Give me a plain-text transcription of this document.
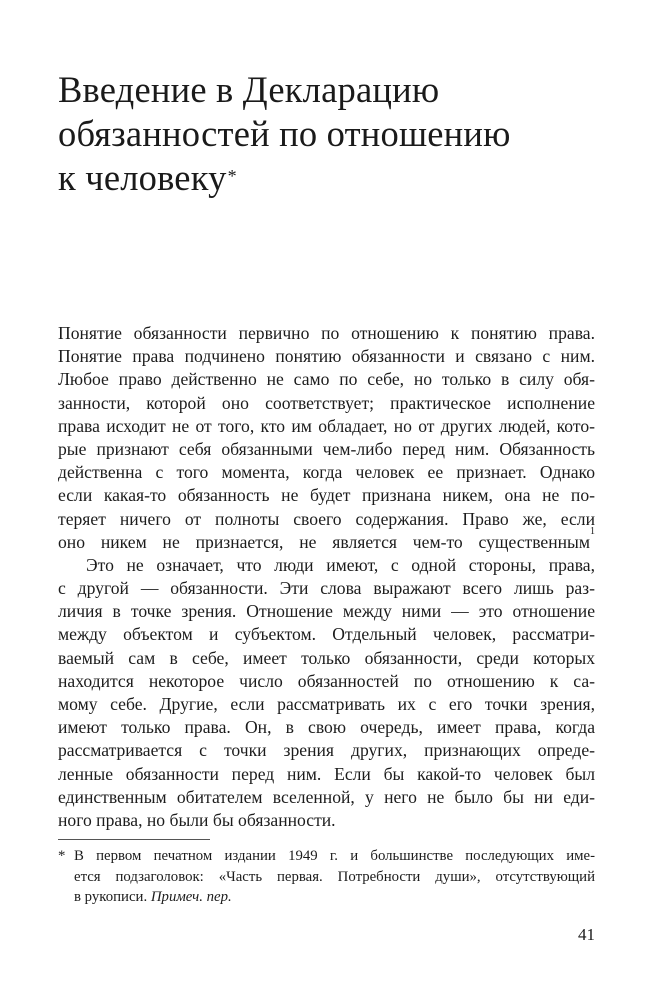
Введение в Декларацию
обязанностей по отношению
к человеку*
Понятие обязанности первично по отношению к понятию права.
Понятие права подчинено понятию обязанности и связано с ним.
Любое право действенно не само по себе, но только в силу обя-
занности, которой оно соответствует; практическое исполнение
права исходит не от того, кто им обладает, но от других людей, кото-
рые признают себя обязанными чем-либо перед ним. Обязанность
действенна с того момента, когда человек ее признает. Однако
если какая-то обязанность не будет признана никем, она не по-
теряет ничего от полноты своего содержания. Право же, если
оно никем не признается, не является чем-то существенным$^1$
Это не означает, что люди имеют, с одной стороны, права,
с другой — обязанности. Эти слова выражают всего лишь раз-
личия в точке зрения. Отношение между ними — это отношение
между объектом и субъектом. Отдельный человек, рассматри-
ваемый сам в себе, имеет только обязанности, среди которых
находится некоторое число обязанностей по отношению к са-
мому себе. Другие, если рассматривать их с его точки зрения,
имеют только права. Он, в свою очередь, имеет права, когда
рассматривается с точки зрения других, признающих опреде-
ленные обязанности перед ним. Если бы какой-то человек был
единственным обитателем вселенной, у него не было бы ни еди-
ного права, но были бы обязанности.
* В первом печатном издании 1949 г. и большинстве последующих име-
ется подзаголовок: «Часть первая. Потребности души», отсутствующий
в рукописи. Примеч. пер.
41
